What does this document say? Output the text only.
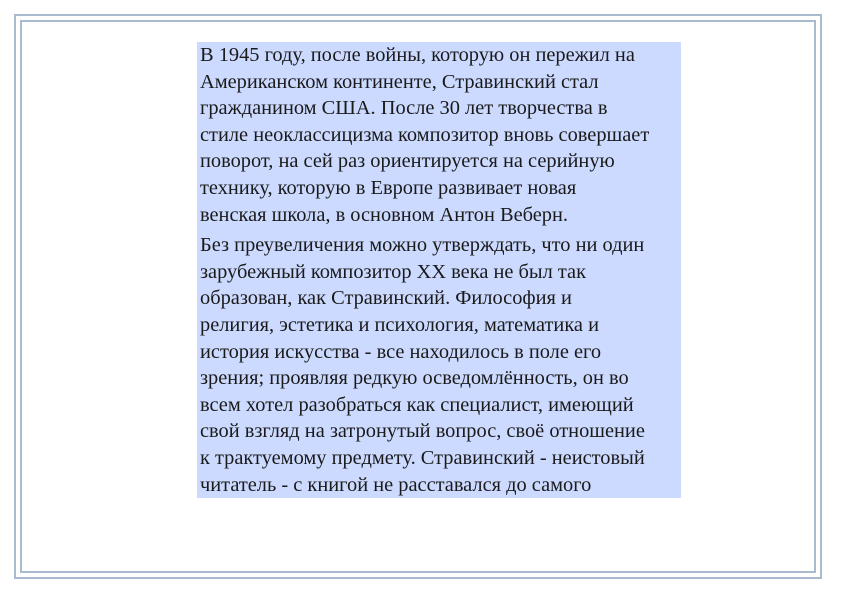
В 1945 году, после войны, которую он пережил на
Американском континенте, Стравинский стал
гражданином США. После 30 лет творчества в
стиле неоклассицизма композитор вновь совершает
поворот, на сей раз ориентируется на серийную
технику, которую в Европе развивает новая
венская школа, в основном Антон Веберн.
Без преувеличения можно утверждать, что ни один
зарубежный композитор XX века не был так
образован, как Стравинский. Философия и
религия, эстетика и психология, математика и
история искусства - все находилось в поле его
зрения; проявляя редкую осведомлённость, он во
всем хотел разобраться как специалист, имеющий
свой взгляд на затронутый вопрос, своё отношение
к трактуемому предмету. Стравинский - неистовый
читатель - с книгой не расставался до самого
